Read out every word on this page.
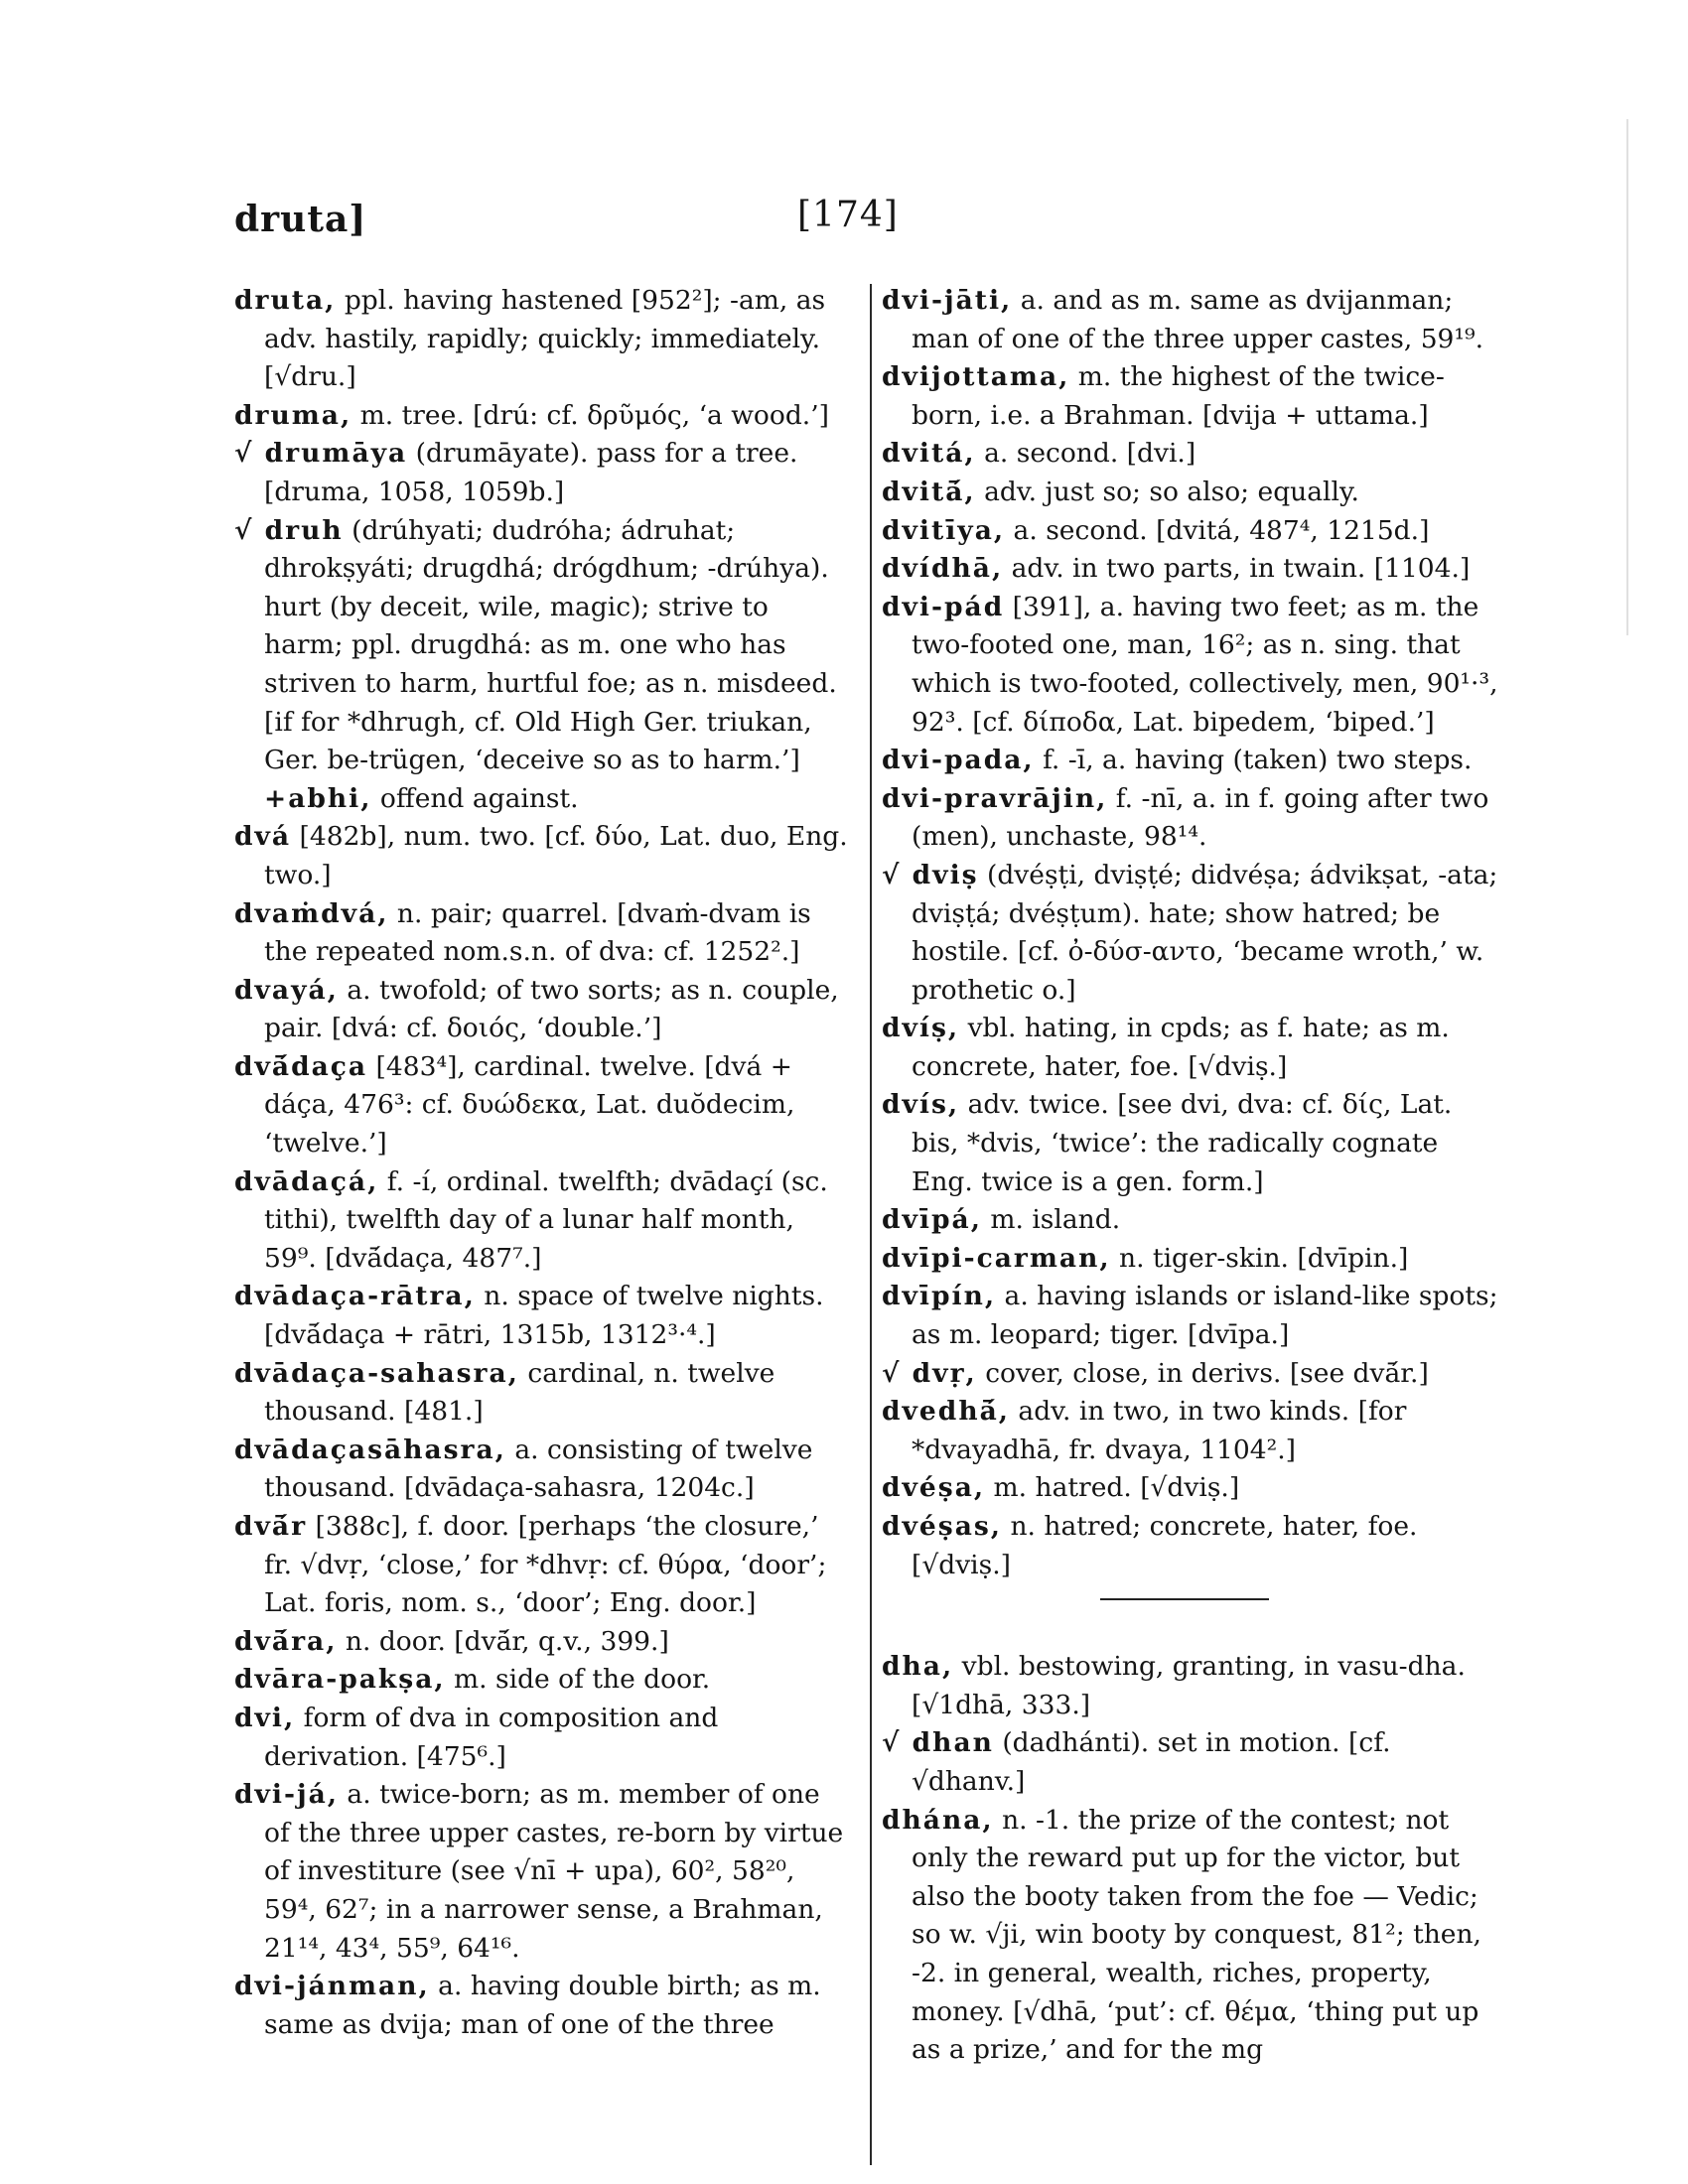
druta]	[174]

druta, ppl. having hastened [952²]; -am, as adv. hastily, rapidly; quickly; immediately. [√dru.]

druma, m. tree. [drú: cf. δρῦμός, ‘a wood.’]

√ drumāya (drumāyate). pass for a tree. [druma, 1058, 1059b.]

√ druh (drúhyati; dudróha; ádruhat; dhrokṣyáti; drugdhá; drógdhum; -drúhya). hurt (by deceit, wile, magic); strive to harm; ppl. drugdhá: as m. one who has striven to harm, hurtful foe; as n. misdeed. [if for *dhrugh, cf. Old High Ger. triukan, Ger. be-trügen, ‘deceive so as to harm.’]

+abhi, offend against.

dvá [482b], num. two. [cf. δύο, Lat. duo, Eng. two.]

dvaṁdvá, n. pair; quarrel. [dvaṁ-dvam is the repeated nom.s.n. of dva: cf. 1252².]

dvayá, a. twofold; of two sorts; as n. couple, pair. [dvá: cf. δοιός, ‘double.’]

dvā́daça [483⁴], cardinal. twelve. [dvá + dáça, 476³: cf. δυώδεκα, Lat. duŏdecim, ‘twelve.’]

dvādaçá, f. -í, ordinal. twelfth; dvādaçí (sc. tithi), twelfth day of a lunar half month, 59⁹. [dvā́daça, 487⁷.]

dvādaça-rātra, n. space of twelve nights. [dvā́daça + rātri, 1315b, 1312³·⁴.]

dvādaça-sahasra, cardinal, n. twelve thousand. [481.]

dvādaçasāhasra, a. consisting of twelve thousand. [dvādaça-sahasra, 1204c.]

dvā́r [388c], f. door. [perhaps ‘the closure,’ fr. √dvṛ, ‘close,’ for *dhvṛ: cf. θύρα, ‘door’; Lat. foris, nom. s., ‘door’; Eng. door.]

dvā́ra, n. door. [dvā́r, q.v., 399.]

dvāra-pakṣa, m. side of the door.

dvi, form of dva in composition and derivation. [475⁶.]

dvi-já, a. twice-born; as m. member of one of the three upper castes, re-born by virtue of investiture (see √nī + upa), 60², 58²⁰, 59⁴, 62⁷; in a narrower sense, a Brahman, 21¹⁴, 43⁴, 55⁹, 64¹⁶.

dvi-jánman, a. having double birth; as m. same as dvija; man of one of the three

dvi-jāti, a. and as m. same as dvijanman; man of one of the three upper castes, 59¹⁹.

dvijottama, m. the highest of the twice-born, i.e. a Brahman. [dvija + uttama.]

dvitá, a. second. [dvi.]

dvitā́, adv. just so; so also; equally.

dvitīya, a. second. [dvitá, 487⁴, 1215d.]

dvídhā, adv. in two parts, in twain. [1104.]

dvi-pád [391], a. having two feet; as m. the two-footed one, man, 16²; as n. sing. that which is two-footed, collectively, men, 90¹·³, 92³. [cf. δίποδα, Lat. bipedem, ‘biped.’]

dvi-pada, f. -ī, a. having (taken) two steps.

dvi-pravrājin, f. -nī, a. in f. going after two (men), unchaste, 98¹⁴.

√ dviṣ (dvéṣṭi, dviṣṭé; didvéṣa; ádvikṣat, -ata; dviṣṭá; dvéṣṭum). hate; show hatred; be hostile. [cf. ὀ-δύσ-αντο, ‘became wroth,’ w. prothetic o.]

dvíṣ, vbl. hating, in cpds; as f. hate; as m. concrete, hater, foe. [√dviṣ.]

dvís, adv. twice. [see dvi, dva: cf. δίς, Lat. bis, *dvis, ‘twice’: the radically cognate Eng. twice is a gen. form.]

dvīpá, m. island.

dvīpi-carman, n. tiger-skin. [dvīpin.]

dvīpín, a. having islands or island-like spots; as m. leopard; tiger. [dvīpa.]

√ dvṛ, cover, close, in derivs. [see dvā́r.]

dvedhā́, adv. in two, in two kinds. [for *dvayadhā, fr. dvaya, 1104².]

dvéṣa, m. hatred. [√dviṣ.]

dvéṣas, n. hatred; concrete, hater, foe. [√dviṣ.]

dha, vbl. bestowing, granting, in vasu-dha. [√1dhā, 333.]

√ dhan (dadhánti). set in motion. [cf. √dhanv.]

dhána, n. -1. the prize of the contest; not only the reward put up for the victor, but also the booty taken from the foe — Vedic; so w. √ji, win booty by conquest, 81²; then, -2. in general, wealth, riches, property, money. [√dhā, ‘put’: cf. θέμα, ‘thing put up as a prize,’ and for the mg
